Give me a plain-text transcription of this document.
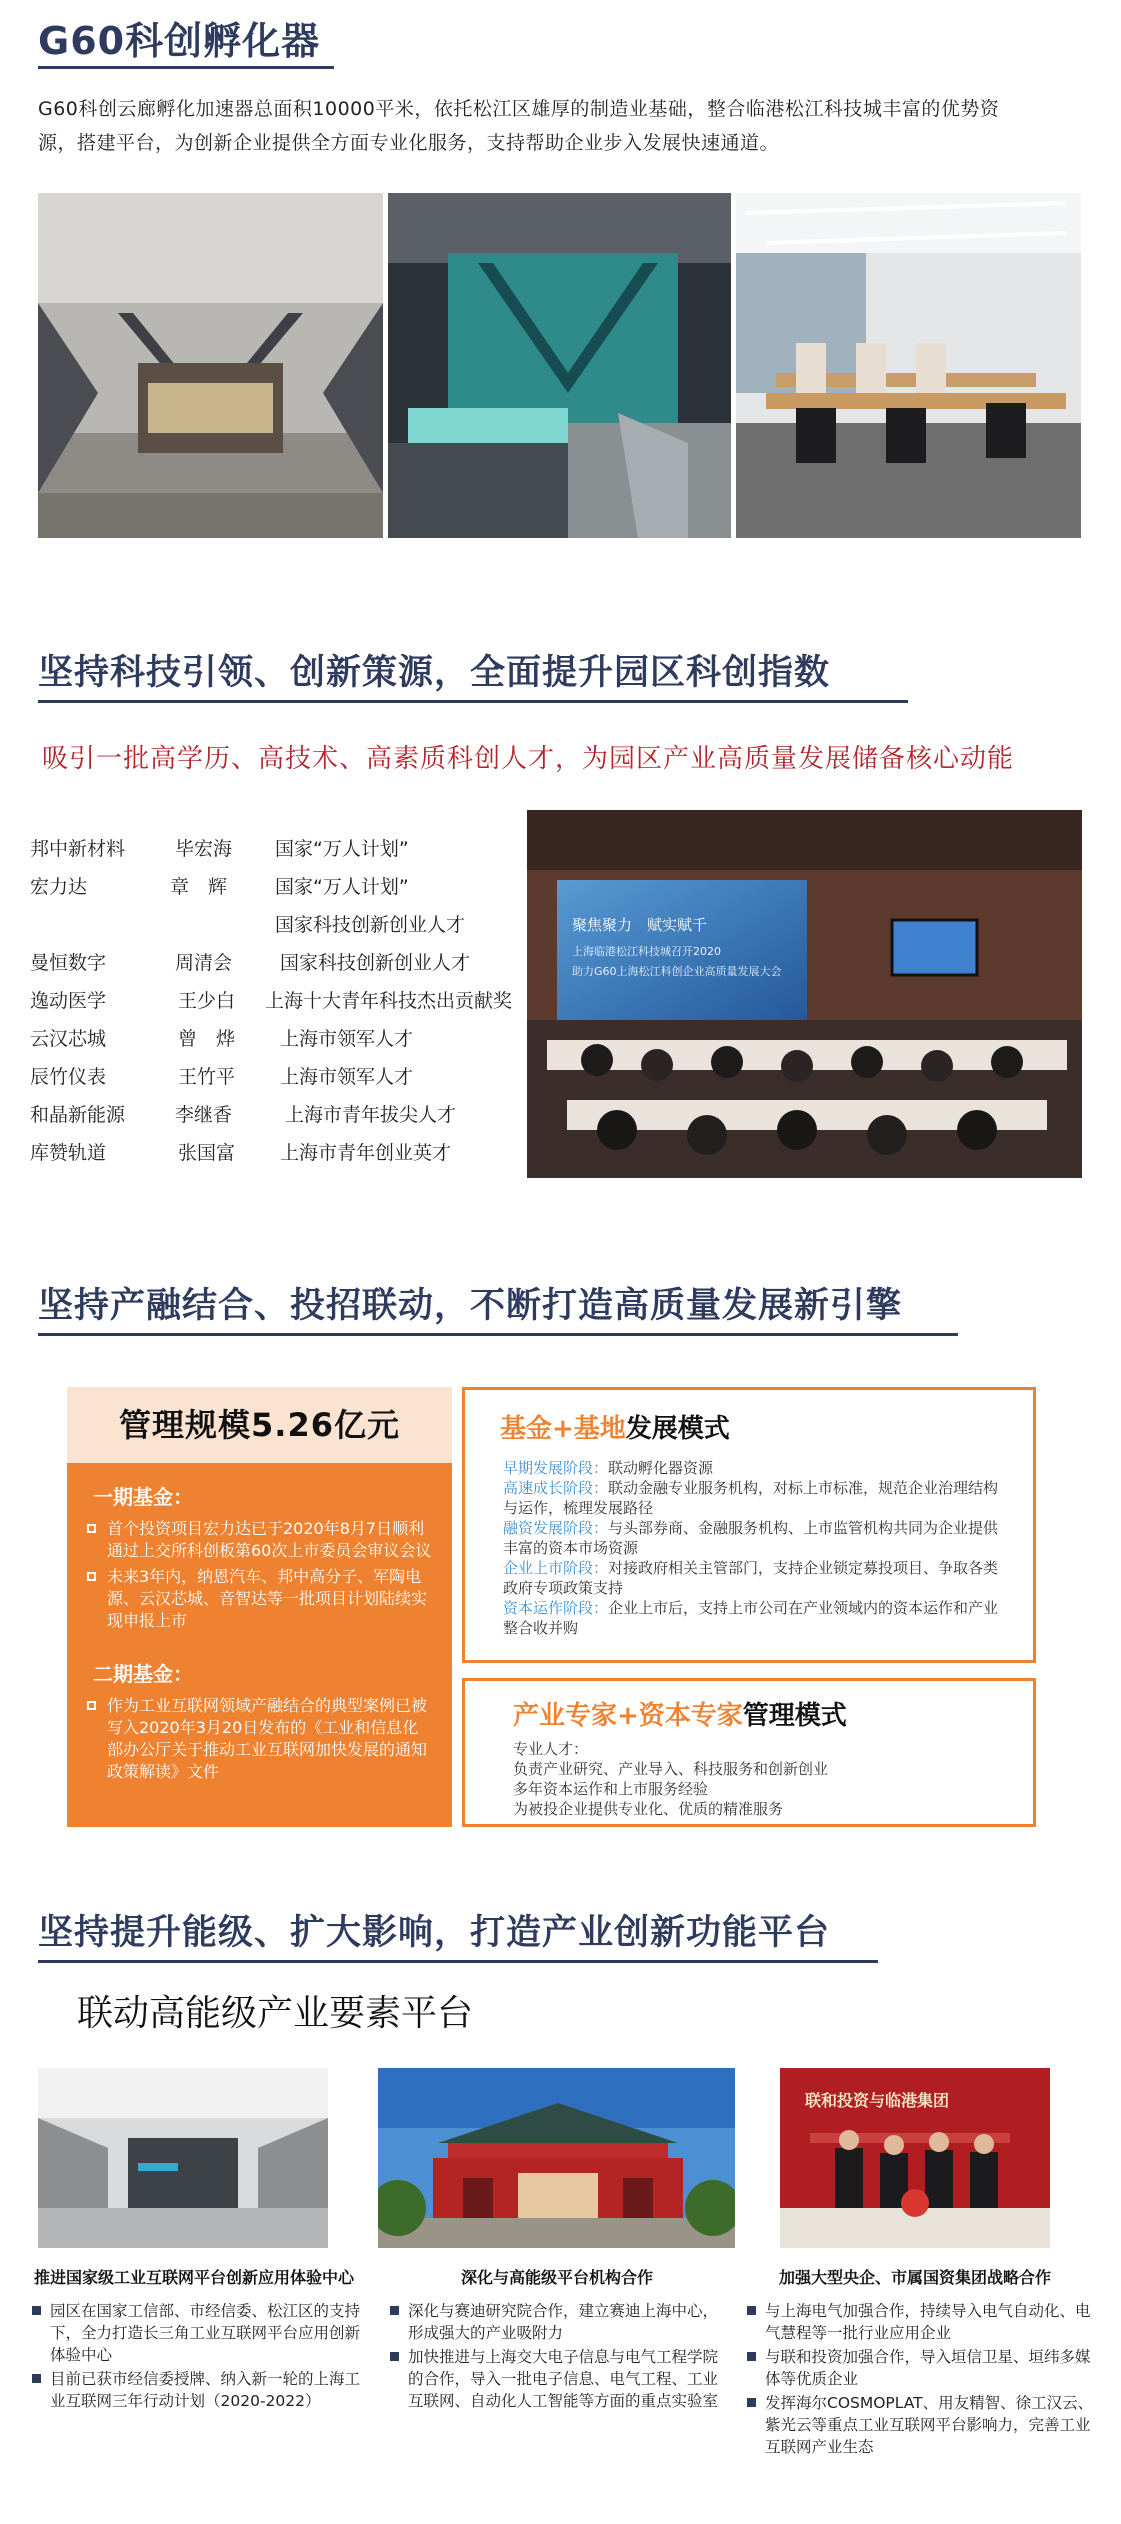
G60科创孵化器
G60科创云廊孵化加速器总面积10000平米，依托松江区雄厚的制造业基础，整合临港松江科技城丰富的优势资
源，搭建平台，为创新企业提供全方面专业化服务，支持帮助企业步入发展快速通道。
坚持科技引领、创新策源，全面提升园区科创指数
吸引一批高学历、高技术、高素质科创人才，为园区产业高质量发展储备核心动能
邦中新材料	毕宏海 国家“万人计划”
宏力达	章　辉	国家“万人计划”
国家科技创新创业人才
曼恒数字	周清会	国家科技创新创业人才
逸动医学	王少白 上海十大青年科技杰出贡献奖
云汉芯城	曾　烨 上海市领军人才
辰竹仪表	王竹平 上海市领军人才
和晶新能源	李继香	上海市青年拔尖人才
库赞轨道	张国富 上海市青年创业英才
聚焦聚力　赋实赋千
上海临港松江科技城召开2020
助力G60上海松江科创企业高质量发展大会
坚持产融结合、投招联动，不断打造高质量发展新引擎
管理规模5.26亿元
一期基金：
首个投资项目宏力达已于2020年8月7日顺利通过上交所科创板第60次上市委员会审议会议
未来3年内，纳恩汽车、邦中高分子、军陶电源、云汉芯城、音智达等一批项目计划陆续实现申报上市
二期基金：
作为工业互联网领域产融结合的典型案例已被写入2020年3月20日发布的《工业和信息化部办公厅关于推动工业互联网加快发展的通知政策解读》文件
基金+基地发展模式
早期发展阶段：联动孵化器资源
高速成长阶段：联动金融专业服务机构，对标上市标准，规范企业治理结构与运作，梳理发展路径
融资发展阶段：与头部券商、金融服务机构、上市监管机构共同为企业提供丰富的资本市场资源
企业上市阶段：对接政府相关主管部门，支持企业锁定募投项目、争取各类政府专项政策支持
资本运作阶段：企业上市后，支持上市公司在产业领域内的资本运作和产业整合收并购
产业专家+资本专家管理模式
专业人才：
负责产业研究、产业导入、科技服务和创新创业
多年资本运作和上市服务经验
为被投企业提供专业化、优质的精准服务
坚持提升能级、扩大影响，打造产业创新功能平台
联动高能级产业要素平台
联和投资与临港集团
推进国家级工业互联网平台创新应用体验中心	深化与高能级平台机构合作	加强大型央企、市属国资集团战略合作
园区在国家工信部、市经信委、松江区的支持下，全力打造长三角工业互联网平台应用创新体验中心
目前已获市经信委授牌、纳入新一轮的上海工业互联网三年行动计划（2020-2022）
深化与赛迪研究院合作，建立赛迪上海中心，形成强大的产业吸附力
加快推进与上海交大电子信息与电气工程学院的合作，导入一批电子信息、电气工程、工业互联网、自动化人工智能等方面的重点实验室
与上海电气加强合作，持续导入电气自动化、电气慧程等一批行业应用企业
与联和投资加强合作，导入垣信卫星、垣纬多媒体等优质企业
发挥海尔COSMOPLAT、用友精智、徐工汉云、紫光云等重点工业互联网平台影响力，完善工业互联网产业生态
